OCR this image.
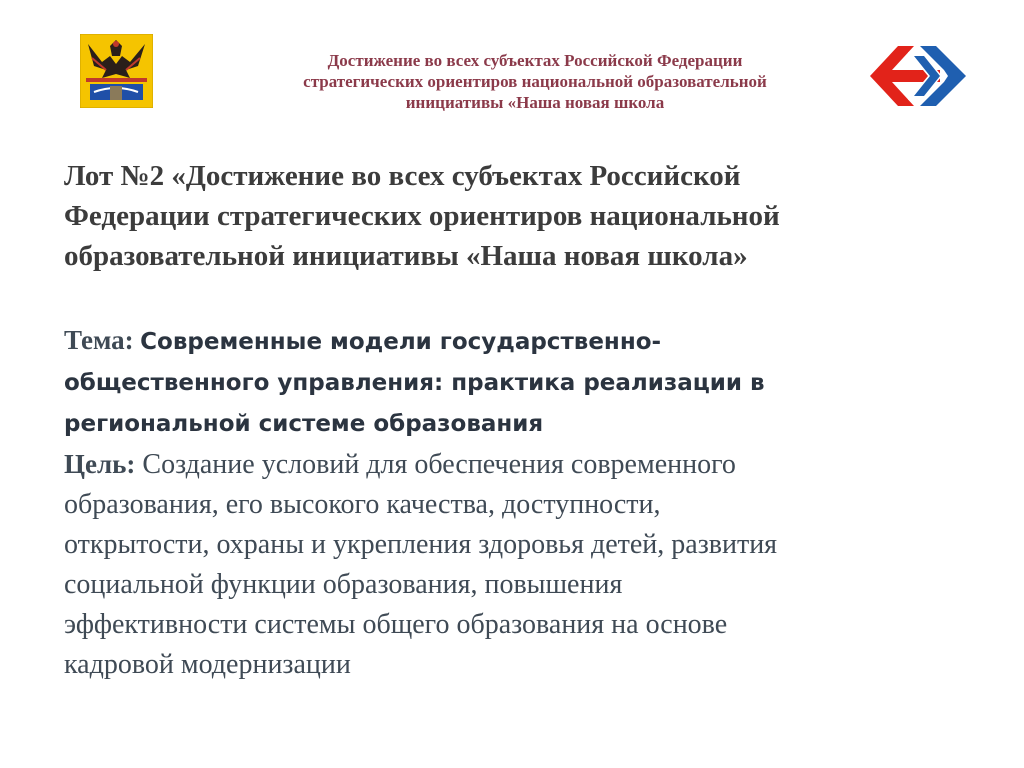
Достижение во всех субъектах Российской Федерации
стратегических ориентиров национальной образовательной
инициативы «Наша новая школа
Лот №2 «Достижение во всех субъектах Российской
Федерации стратегических ориентиров национальной
образовательной инициативы «Наша новая школа»
Тема: Современные модели государственно-
общественного управления: практика реализации в
региональной системе образования
Цель: Создание условий для обеспечения современного
образования, его высокого качества, доступности,
открытости, охраны и укрепления здоровья детей, развития
социальной функции образования, повышения
эффективности системы общего образования на основе
кадровой модернизации
